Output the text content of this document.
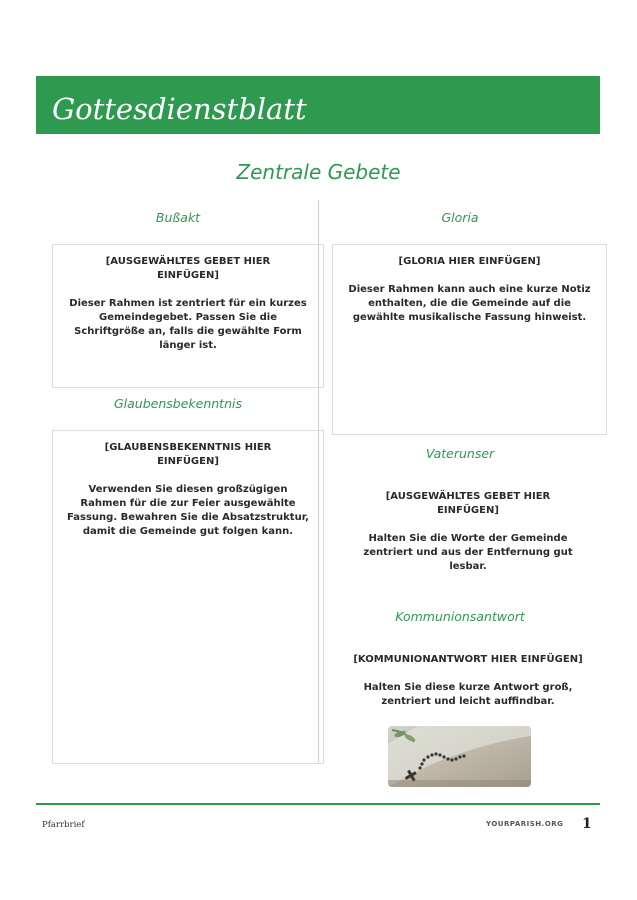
Gottesdienstblatt
Zentrale Gebete
Bußakt

[AUSGEWÄHLTES GEBET HIER EINFÜGEN]

Dieser Rahmen ist zentriert für ein kurzes Gemeindegebet. Passen Sie die Schriftgröße an, falls die gewählte Form länger ist.

Glaubensbekenntnis

[GLAUBENSBEKENNTNIS HIER EINFÜGEN]

Verwenden Sie diesen großzügigen Rahmen für die zur Feier ausgewählte Fassung. Bewahren Sie die Absatzstruktur, damit die Gemeinde gut folgen kann.

Gloria

[GLORIA HIER EINFÜGEN]

Dieser Rahmen kann auch eine kurze Notiz enthalten, die die Gemeinde auf die gewählte musikalische Fassung hinweist.

Vaterunser

[AUSGEWÄHLTES GEBET HIER EINFÜGEN]

Halten Sie die Worte der Gemeinde zentriert und aus der Entfernung gut lesbar.

Kommunionsantwort

[KOMMUNIONANTWORT HIER EINFÜGEN]

Halten Sie diese kurze Antwort groß, zentriert und leicht auffindbar.

Pfarrbrief	YOURPARISH.ORG 1
